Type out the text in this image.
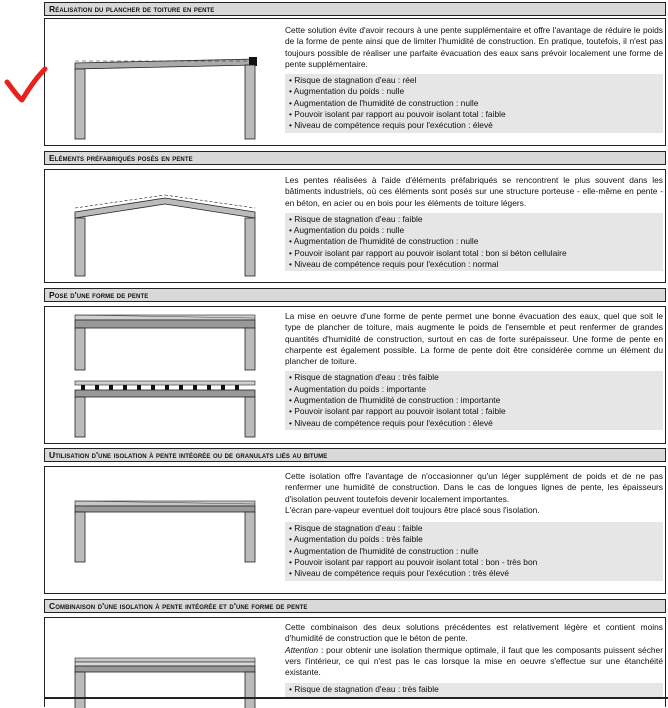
Réalisation du plancher de toiture en pente

Cette solution évite d'avoir recours à une pente supplémentaire et offre l'avantage de réduire le poids de la forme de pente ainsi que de limiter l'humidité de construction. En pratique, toutefois, il n'est pas toujours possible de réaliser une parfaite évacuation des eaux sans prévoir localement une forme de pente supplémentaire.

• Risque de stagnation d'eau : réel
• Augmentation du poids : nulle
• Augmentation de l'humidité de construction : nulle
• Pouvoir isolant par rapport au pouvoir isolant total : faible
• Niveau de compétence requis pour l'exécution : élevé
Eléments préfabriqués posés en pente

Les pentes réalisées à l'aide d'éléments préfabriqués se rencontrent le plus souvent dans les bâtiments industriels, où ces éléments sont posés sur une structure porteuse - elle-même en pente - en béton, en acier ou en bois pour les éléments de toiture légers.

• Risque de stagnation d'eau : faible
• Augmentation du poids : nulle
• Augmentation de l'humidité de construction : nulle
• Pouvoir isolant par rapport au pouvoir isolant total : bon si béton cellulaire
• Niveau de compétence requis pour l'exécution : normal
Pose d'une forme de pente

La mise en oeuvre d'une forme de pente permet une bonne évacuation des eaux, quel que soit le type de plancher de toiture, mais augmente le poids de l'ensemble et peut renfermer de grandes quantités d'humidité de construction, surtout en cas de forte surépaisseur. Une forme de pente en charpente est également possible. La forme de pente doit être considérée comme un élément du plancher de toiture.

• Risque de stagnation d'eau : très faible
• Augmentation du poids : importante
• Augmentation de l'humidité de construction : importante
• Pouvoir isolant par rapport au pouvoir isolant total : faible
• Niveau de compétence requis pour l'exécution : élevé
Utilisation d'une isolation à pente intégrée ou de granulats liés au bitume

Cette isolation offre l'avantage de n'occasionner qu'un léger supplément de poids et de ne pas renfermer une humidité de construction. Dans le cas de longues lignes de pente, les épaisseurs d'isolation peuvent toutefois devenir localement importantes.

L'écran pare-vapeur eventuel doit toujours être placé sous l'isolation.

• Risque de stagnation d'eau : faible
• Augmentation du poids : très faible
• Augmentation de l'humidité de construction : nulle
• Pouvoir isolant par rapport au pouvoir isolant total : bon - très bon
• Niveau de compétence requis pour l'exécution : très élevé
Combinaison d'une isolation à pente intégrée et d'une forme de pente

Cette combinaison des deux solutions précédentes est relativement légère et contient moins d'humidité de construction que le béton de pente.

Attention : pour obtenir une isolation thermique optimale, il faut que les composants puissent sécher vers l'intérieur, ce qui n'est pas le cas lorsque la mise en oeuvre s'effectue sur une étanchéité existante.

• Risque de stagnation d'eau : très faible
